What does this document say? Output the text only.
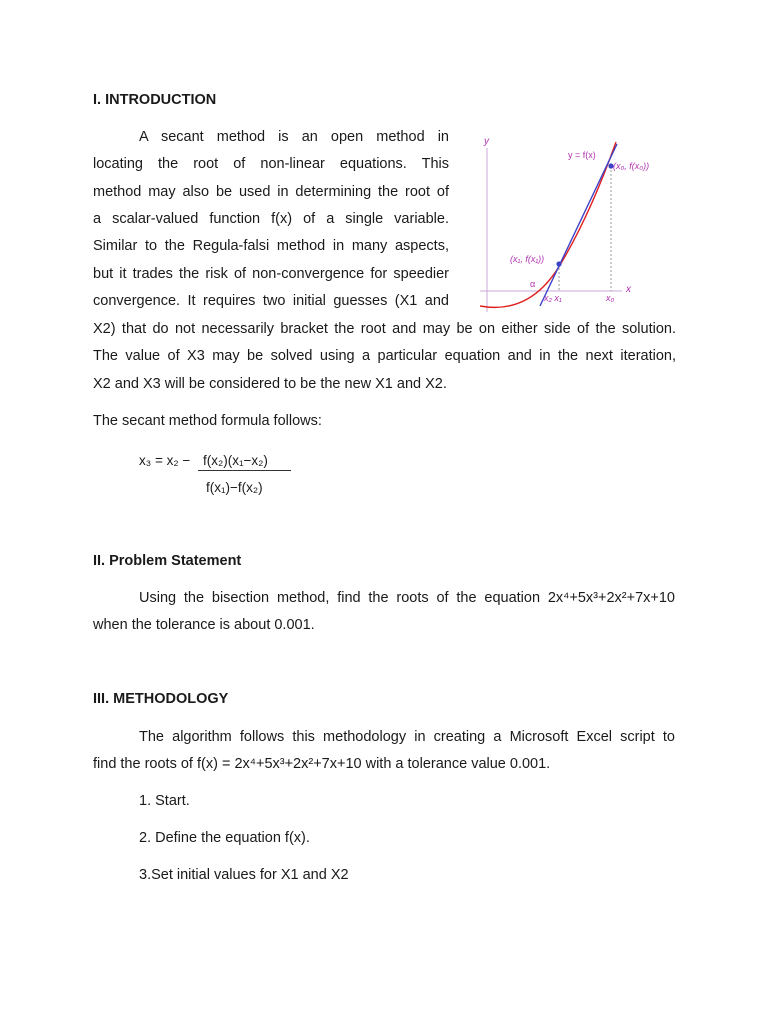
I. INTRODUCTION
A secant method is an open method in
locating the root of non-linear equations. This
method may also be used in determining the root of
a scalar-valued function f(x) of a single variable.
Similar to the Regula-falsi method in many aspects,
but it trades the risk of non-convergence for speedier
convergence. It requires two initial guesses (X1 and
X2) that do not necessarily bracket the root and may be on either side of the solution.
The value of X3 may be solved using a particular equation and in the next iteration,
X2 and X3 will be considered to be the new X1 and X2.
The secant method formula follows:
x₃ = x₂ − f(x₂)(x₁−x₂)
f(x₁)−f(x₂)
y
x
y = f(x)
(x₀, f(x₀))
(x₁, f(x₁))
α
x₂ x₁	x₀
II. Problem Statement
Using the bisection method, find the roots of the equation 2x⁴+5x³+2x²+7x+10
when the tolerance is about 0.001.
III. METHODOLOGY
The algorithm follows this methodology in creating a Microsoft Excel script to
find the roots of f(x) = 2x⁴+5x³+2x²+7x+10 with a tolerance value 0.001.
1. Start.
2. Define the equation f(x).
3.Set initial values for X1 and X2
